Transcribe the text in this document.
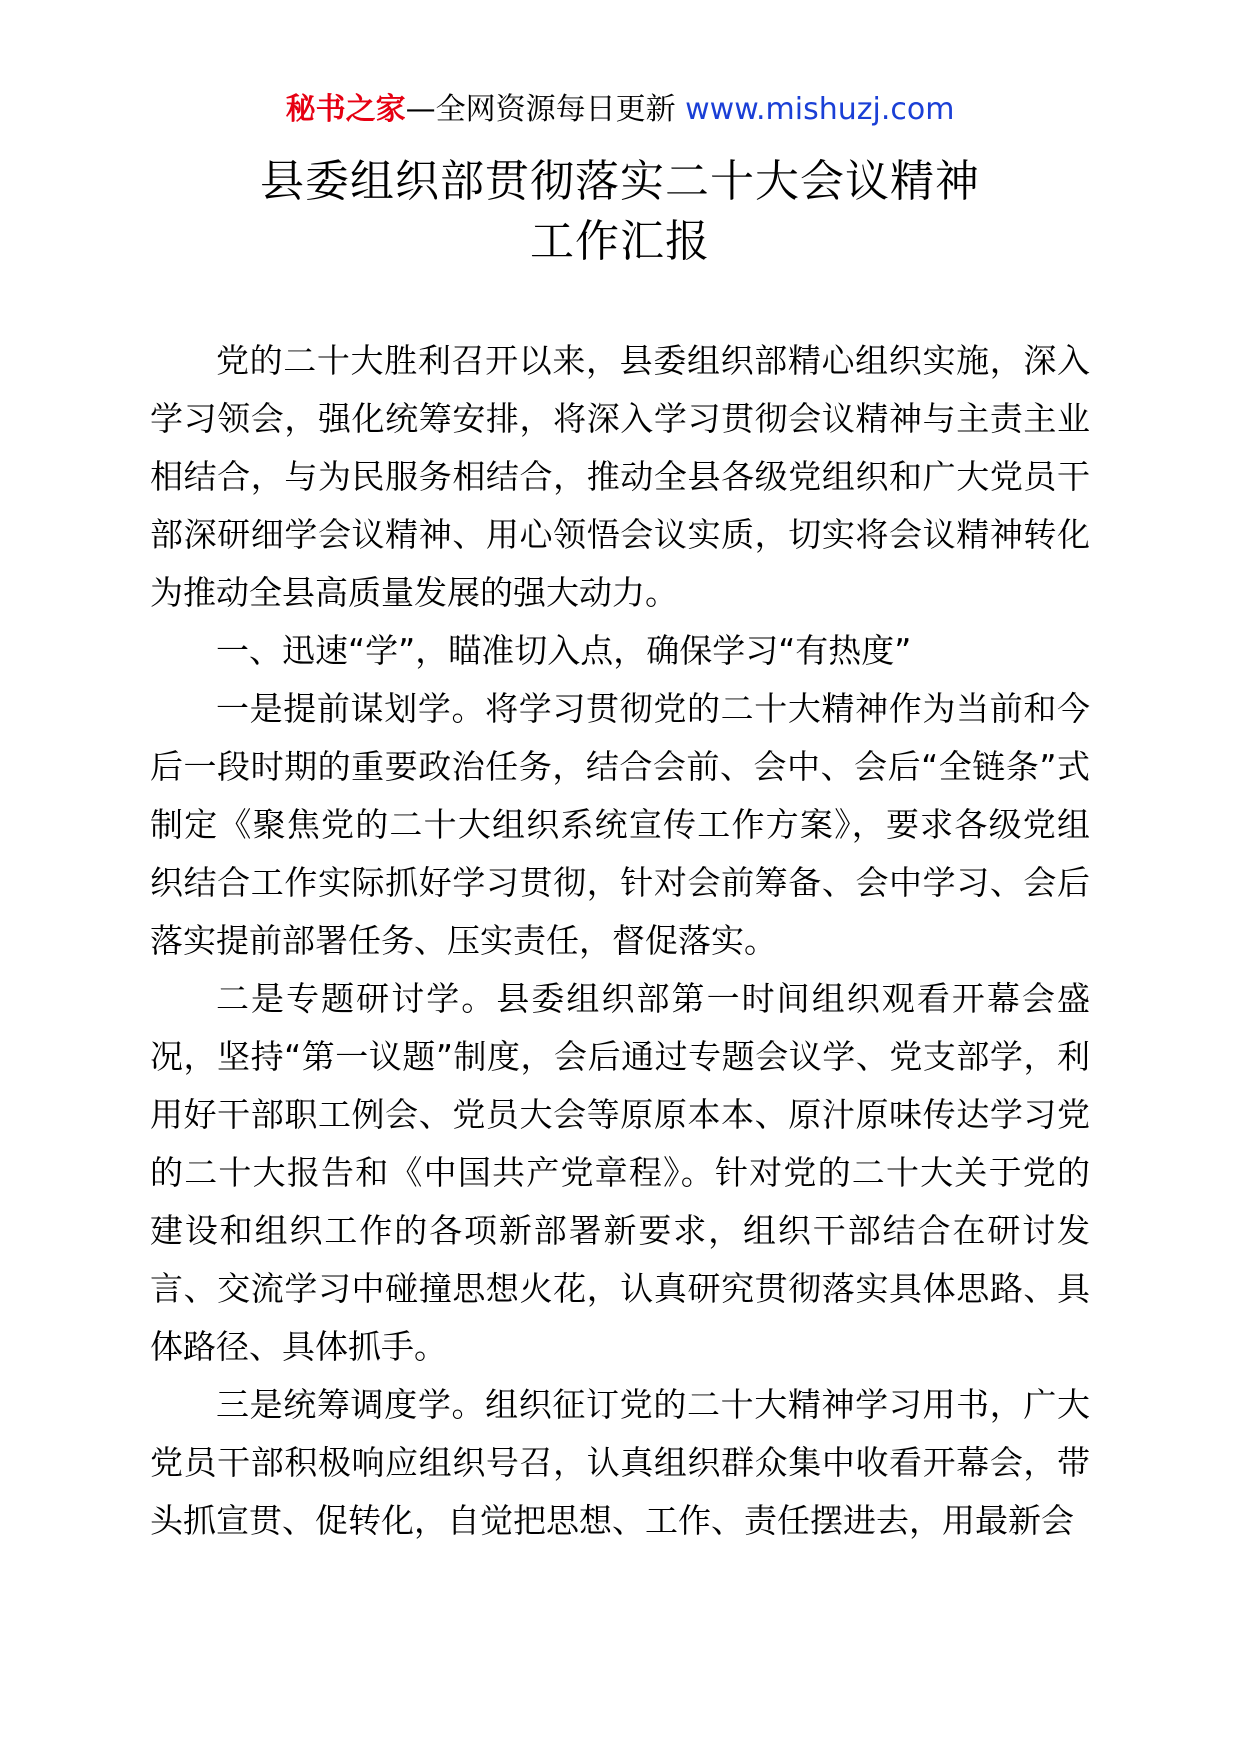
秘书之家—全网资源每日更新 www.mishuzj.com
县委组织部贯彻落实二十大会议精神
工作汇报

党的二十大胜利召开以来，县委组织部精心组织实施，深入学习领会，强化统筹安排，将深入学习贯彻会议精神与主责主业相结合，与为民服务相结合，推动全县各级党组织和广大党员干部深研细学会议精神、用心领悟会议实质，切实将会议精神转化为推动全县高质量发展的强大动力。

一、迅速“学”，瞄准切入点，确保学习“有热度”

一是提前谋划学。将学习贯彻党的二十大精神作为当前和今后一段时期的重要政治任务，结合会前、会中、会后“全链条”式制定《聚焦党的二十大组织系统宣传工作方案》，要求各级党组织结合工作实际抓好学习贯彻，针对会前筹备、会中学习、会后落实提前部署任务、压实责任，督促落实。

二是专题研讨学。县委组织部第一时间组织观看开幕会盛况，坚持“第一议题”制度，会后通过专题会议学、党支部学，利用好干部职工例会、党员大会等原原本本、原汁原味传达学习党的二十大报告和《中国共产党章程》。针对党的二十大关于党的建设和组织工作的各项新部署新要求，组织干部结合在研讨发言、交流学习中碰撞思想火花，认真研究贯彻落实具体思路、具体路径、具体抓手。

三是统筹调度学。组织征订党的二十大精神学习用书，广大党员干部积极响应组织号召，认真组织群众集中收看开幕会，带头抓宣贯、促转化，自觉把思想、工作、责任摆进去，用最新会
